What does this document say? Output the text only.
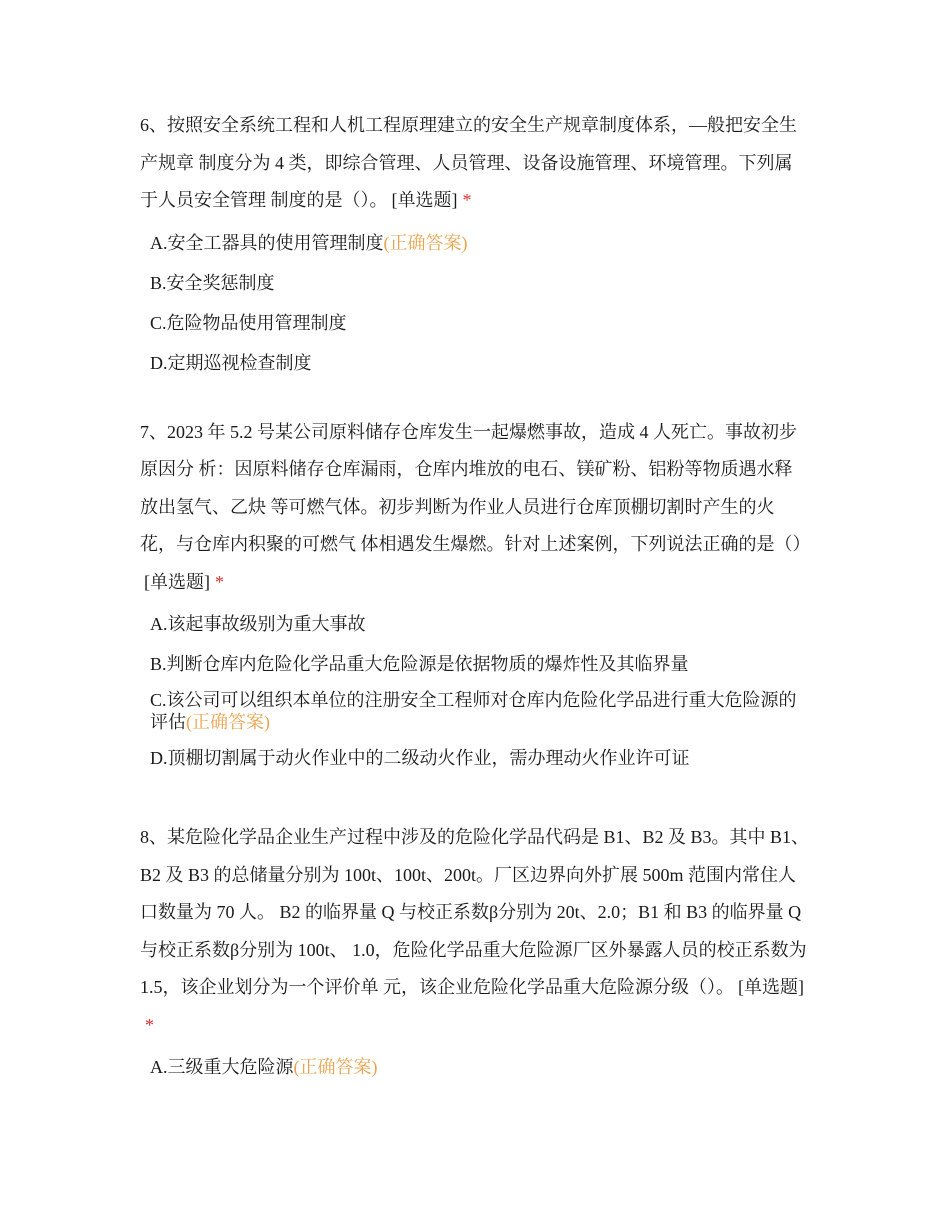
6、按照安全系统工程和人机工程原理建立的安全生产规章制度体系，—般把安全生产规章 制度分为 4 类，即综合管理、人员管理、设备设施管理、环境管理。下列属于人员安全管理 制度的是（）。 [单选题] *

A.安全工器具的使用管理制度(正确答案)
B.安全奖惩制度
C.危险物品使用管理制度
D.定期巡视检查制度

7、2023 年 5.2 号某公司原料储存仓库发生一起爆燃事故，造成 4 人死亡。事故初步原因分 析：因原料储存仓库漏雨，仓库内堆放的电石、镁矿粉、铝粉等物质遇水释放出氢气、乙炔 等可燃气体。初步判断为作业人员进行仓库顶棚切割时产生的火花，与仓库内积聚的可燃气 体相遇发生爆燃。针对上述案例，下列说法正确的是（）[单选题] *

A.该起事故级别为重大事故
B.判断仓库内危险化学品重大危险源是依据物质的爆炸性及其临界量
C.该公司可以组织本单位的注册安全工程师对仓库内危险化学品进行重大危险源的评估(正确答案)
D.顶棚切割属于动火作业中的二级动火作业，需办理动火作业许可证

8、某危险化学品企业生产过程中涉及的危险化学品代码是 B1、B2 及 B3。其中 B1、B2 及 B3 的总储量分别为 100t、100t、200t。厂区边界向外扩展 500m 范围内常住人口数量为 70 人。 B2 的临界量 Q 与校正系数β分别为 20t、2.0；B1 和 B3 的临界量 Q 与校正系数β分别为 100t、 1.0，危险化学品重大危险源厂区外暴露人员的校正系数为 1.5，该企业划分为一个评价单 元，该企业危险化学品重大危险源分级（）。 [单选题]*

A.三级重大危险源(正确答案)
